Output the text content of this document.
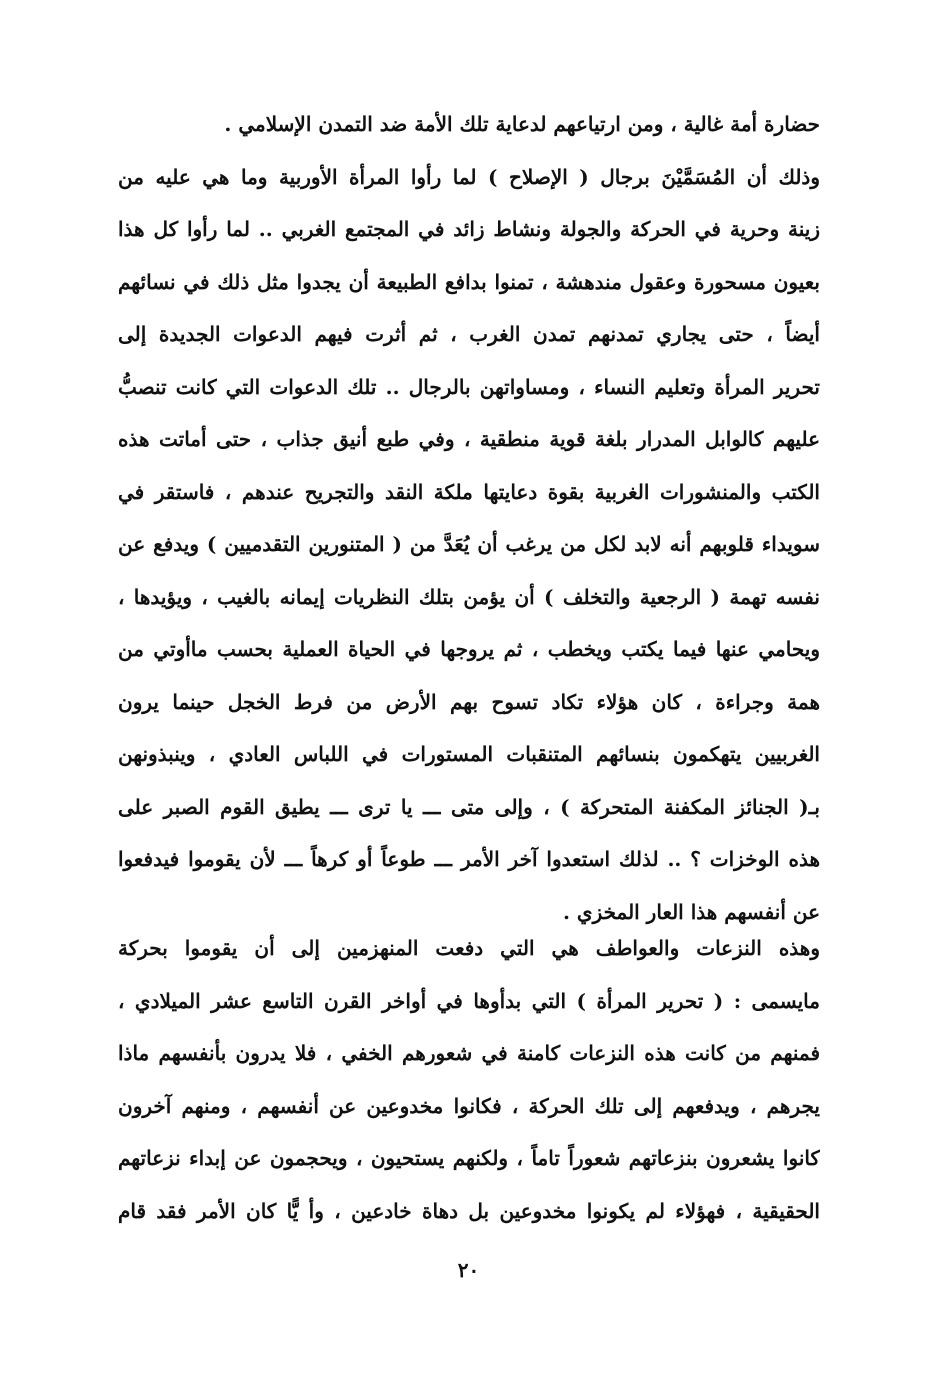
حضارة أمة غالية ، ومن ارتياعهم لدعاية تلك الأمة ضد التمدن الإسلامي .
وذلك أن المُسَمَّيْنَ برجال ( الإصلاح ) لما رأوا المرأة الأوربية وما هي عليه من
زينة وحرية في الحركة والجولة ونشاط زائد في المجتمع الغربي .. لما رأوا كل هذا
بعيون مسحورة وعقول مندهشة ، تمنوا بدافع الطبيعة أن يجدوا مثل ذلك في نسائهم
أيضاً ، حتى يجاري تمدنهم تمدن الغرب ، ثم أثرت فيهم الدعوات الجديدة إلى
تحرير المرأة وتعليم النساء ، ومساواتهن بالرجال .. تلك الدعوات التي كانت تنصبُّ
عليهم كالوابل المدرار بلغة قوية منطقية ، وفي طبع أنيق جذاب ، حتى أماتت هذه
الكتب والمنشورات الغربية بقوة دعايتها ملكة النقد والتجريح عندهم ، فاستقر في
سويداء قلوبهم أنه لابد لكل من يرغب أن يُعَدَّ من ( المتنورين التقدميين ) ويدفع عن
نفسه تهمة ( الرجعية والتخلف ) أن يؤمن بتلك النظريات إيمانه بالغيب ، ويؤيدها ،
ويحامي عنها فيما يكتب ويخطب ، ثم يروجها في الحياة العملية بحسب ماأوتي من
همة وجراءة ، كان هؤلاء تكاد تسوح بهم الأرض من فرط الخجل حينما يرون
الغربيين يتهكمون بنسائهم المتنقبات المستورات في اللباس العادي ، وينبذونهن
بـ( الجنائز المكفنة المتحركة ) ، وإلى متى ـــ يا ترى ـــ يطيق القوم الصبر على
هذه الوخزات ؟ .. لذلك استعدوا آخر الأمر ـــ طوعاً أو كرهاً ـــ لأن يقوموا فيدفعوا
عن أنفسهم هذا العار المخزي .
وهذه النزعات والعواطف هي التي دفعت المنهزمين إلى أن يقوموا بحركة
مايسمى : ( تحرير المرأة ) التي بدأوها في أواخر القرن التاسع عشر الميلادي ،
فمنهم من كانت هذه النزعات كامنة في شعورهم الخفي ، فلا يدرون بأنفسهم ماذا
يجرهم ، ويدفعهم إلى تلك الحركة ، فكانوا مخدوعين عن أنفسهم ، ومنهم آخرون
كانوا يشعرون بنزعاتهم شعوراً تاماً ، ولكنهم يستحيون ، ويحجمون عن إبداء نزعاتهم
الحقيقية ، فهؤلاء لم يكونوا مخدوعين بل دهاة خادعين ، وأ يًّا كان الأمر فقد قام
٢٠
